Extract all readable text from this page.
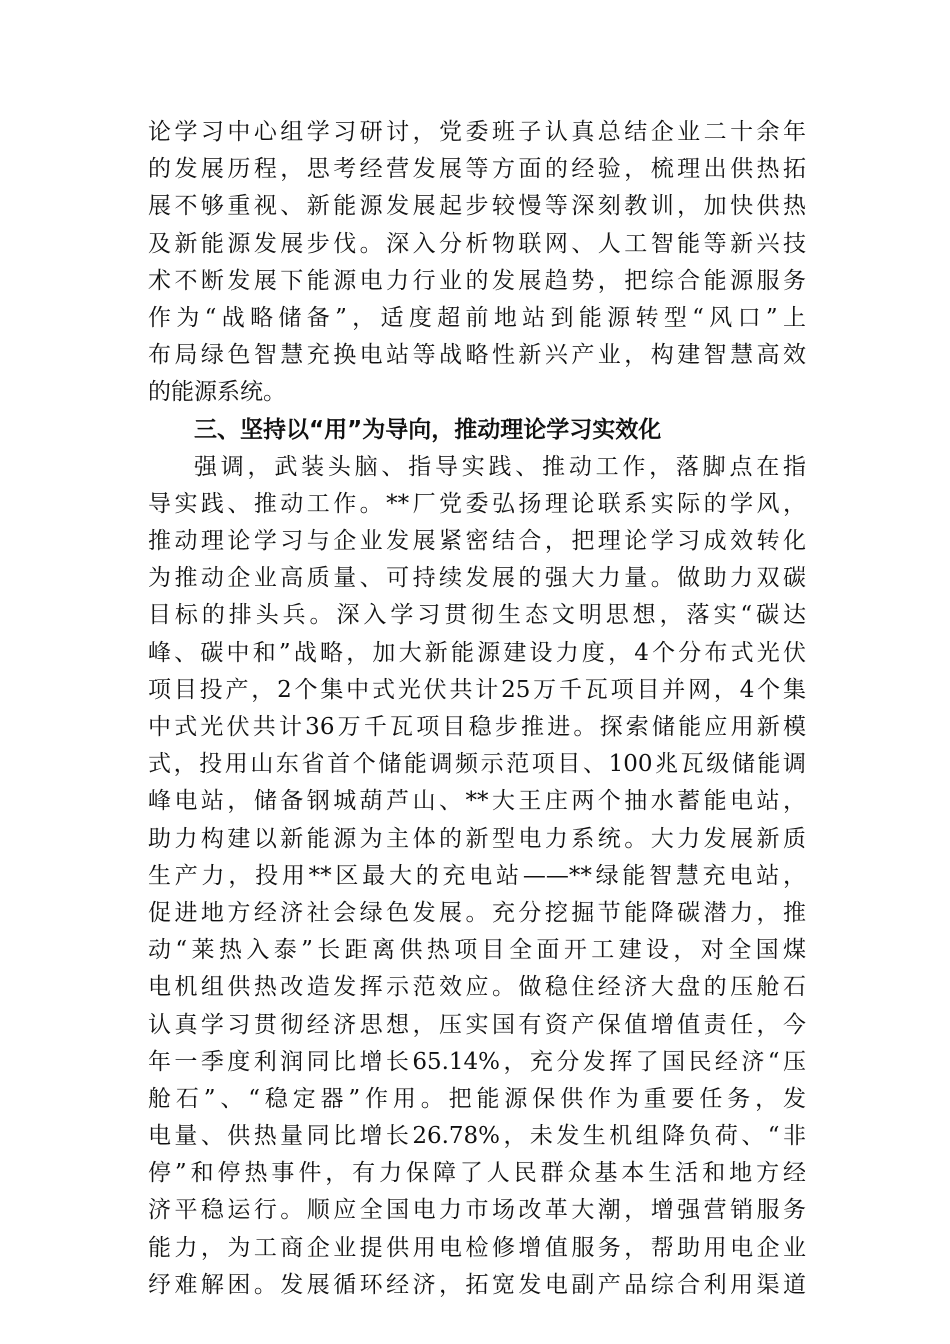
论学习中心组学习研讨，党委班子认真总结企业二十余年
的发展历程，思考经营发展等方面的经验，梳理出供热拓
展不够重视、新能源发展起步较慢等深刻教训，加快供热
及新能源发展步伐。深入分析物联网、人工智能等新兴技
术不断发展下能源电力行业的发展趋势，把综合能源服务
作为“战略储备”，适度超前地站到能源转型“风口”上
布局绿色智慧充换电站等战略性新兴产业，构建智慧高效
的能源系统。
三、坚持以“用”为导向，推动理论学习实效化
强调，武装头脑、指导实践、推动工作，落脚点在指
导实践、推动工作。**厂党委弘扬理论联系实际的学风，
推动理论学习与企业发展紧密结合，把理论学习成效转化
为推动企业高质量、可持续发展的强大力量。做助力双碳
目标的排头兵。深入学习贯彻生态文明思想，落实“碳达
峰、碳中和”战略，加大新能源建设力度，4个分布式光伏
项目投产，2个集中式光伏共计25万千瓦项目并网，4个集
中式光伏共计36万千瓦项目稳步推进。探索储能应用新模
式，投用山东省首个储能调频示范项目、100兆瓦级储能调
峰电站，储备钢城葫芦山、**大王庄两个抽水蓄能电站，
助力构建以新能源为主体的新型电力系统。大力发展新质
生产力，投用**区最大的充电站——**绿能智慧充电站，
促进地方经济社会绿色发展。充分挖掘节能降碳潜力，推
动“莱热入泰”长距离供热项目全面开工建设，对全国煤
电机组供热改造发挥示范效应。做稳住经济大盘的压舱石
认真学习贯彻经济思想，压实国有资产保值增值责任，今
年一季度利润同比增长65.14%，充分发挥了国民经济“压
舱石”、“稳定器”作用。把能源保供作为重要任务，发
电量、供热量同比增长26.78%，未发生机组降负荷、“非
停”和停热事件，有力保障了人民群众基本生活和地方经
济平稳运行。顺应全国电力市场改革大潮，增强营销服务
能力，为工商企业提供用电检修增值服务，帮助用电企业
纾难解困。发展循环经济，拓宽发电副产品综合利用渠道
